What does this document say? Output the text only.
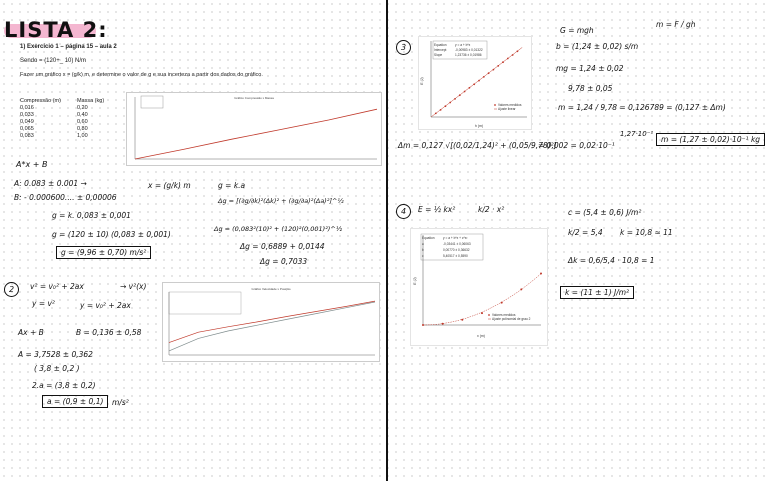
LISTA 2:
1) Exercício 1 – página 15 – aula 2
Sendo = (120+_ 10) N/m
Fazer um gráfico x = (g/k) m, e determine o valor de g e sua incerteza a partir dos dados do gráfico.
Compressão (m)	Massa (kg)
0,016	0,20
0,033	0,40
0,049	0,60
0,065	0,80
0,083	1,00
Gráfico Compressão x Massa
A*x + B
A: 0.083 ± 0.001 →
B: - 0.000600.... ± 0,00006
x = (g/k) m	g = k.a
Δg = [(∂g/∂k)²(Δk)² + (∂g/∂a)²(Δa)²]^½
g = k. 0,083 ± 0,001
g = (120 ± 10) (0,083 ± 0,001)
Δg = (0,083²(10)² + (120)²(0,001)²)^½
Δg = 0,6889 + 0,0144
Δg = 0,7033
g = (9,96 ± 0,70) m/s²
2	v² = v₀² + 2ax	→ v²(x)
y = v²	y = v₀² + 2ax
Ax + B	B = 0,136 ± 0,58
A = 3,7528 ± 0,362
( 3,8 ± 0,2 )
2.a = (3,8 ± 0,2)
a = (0,9 ± 0,1)	m/s²
Gráfico Velocidade x Posição
3	Equation	y = a + b*x
Intercept	-0,00983 ± 0,01322
Slope	1,23736 ± 0,01986
E (J)
h (m)
Valores medidos
Ajuste linear
G = mgh
m = F / gh
b = (1,24 ± 0,02) s/m
mg = 1,24 ± 0,02
9,78 ± 0,05
m = 1,24 / 9,78 = 0,126789 = (0,127 ± Δm)
Δm = 0,127 √[(0,02/1,24)² + (0,05/9,78)²]
= 0,002 = 0,02·10⁻¹
1,27·10⁻¹
m = (1,27 ± 0,02)·10⁻¹ kg
4	E = ½ kx²	k/2 · x²
Equation	y = a + b*x + c*x²
-0,03441 ± 0,06063
0,00770 ± 0,36632
5,40517 ± 0,5590
E (J)
x (m)
Valores medidos
Ajuste polinomial de grau 2
c = (5,4 ± 0,6) J/m²
k/2 = 5,4 k = 10,8 ≈ 11
Δk = 0,6/5,4 · 10,8 = 1
k = (11 ± 1) J/m²
